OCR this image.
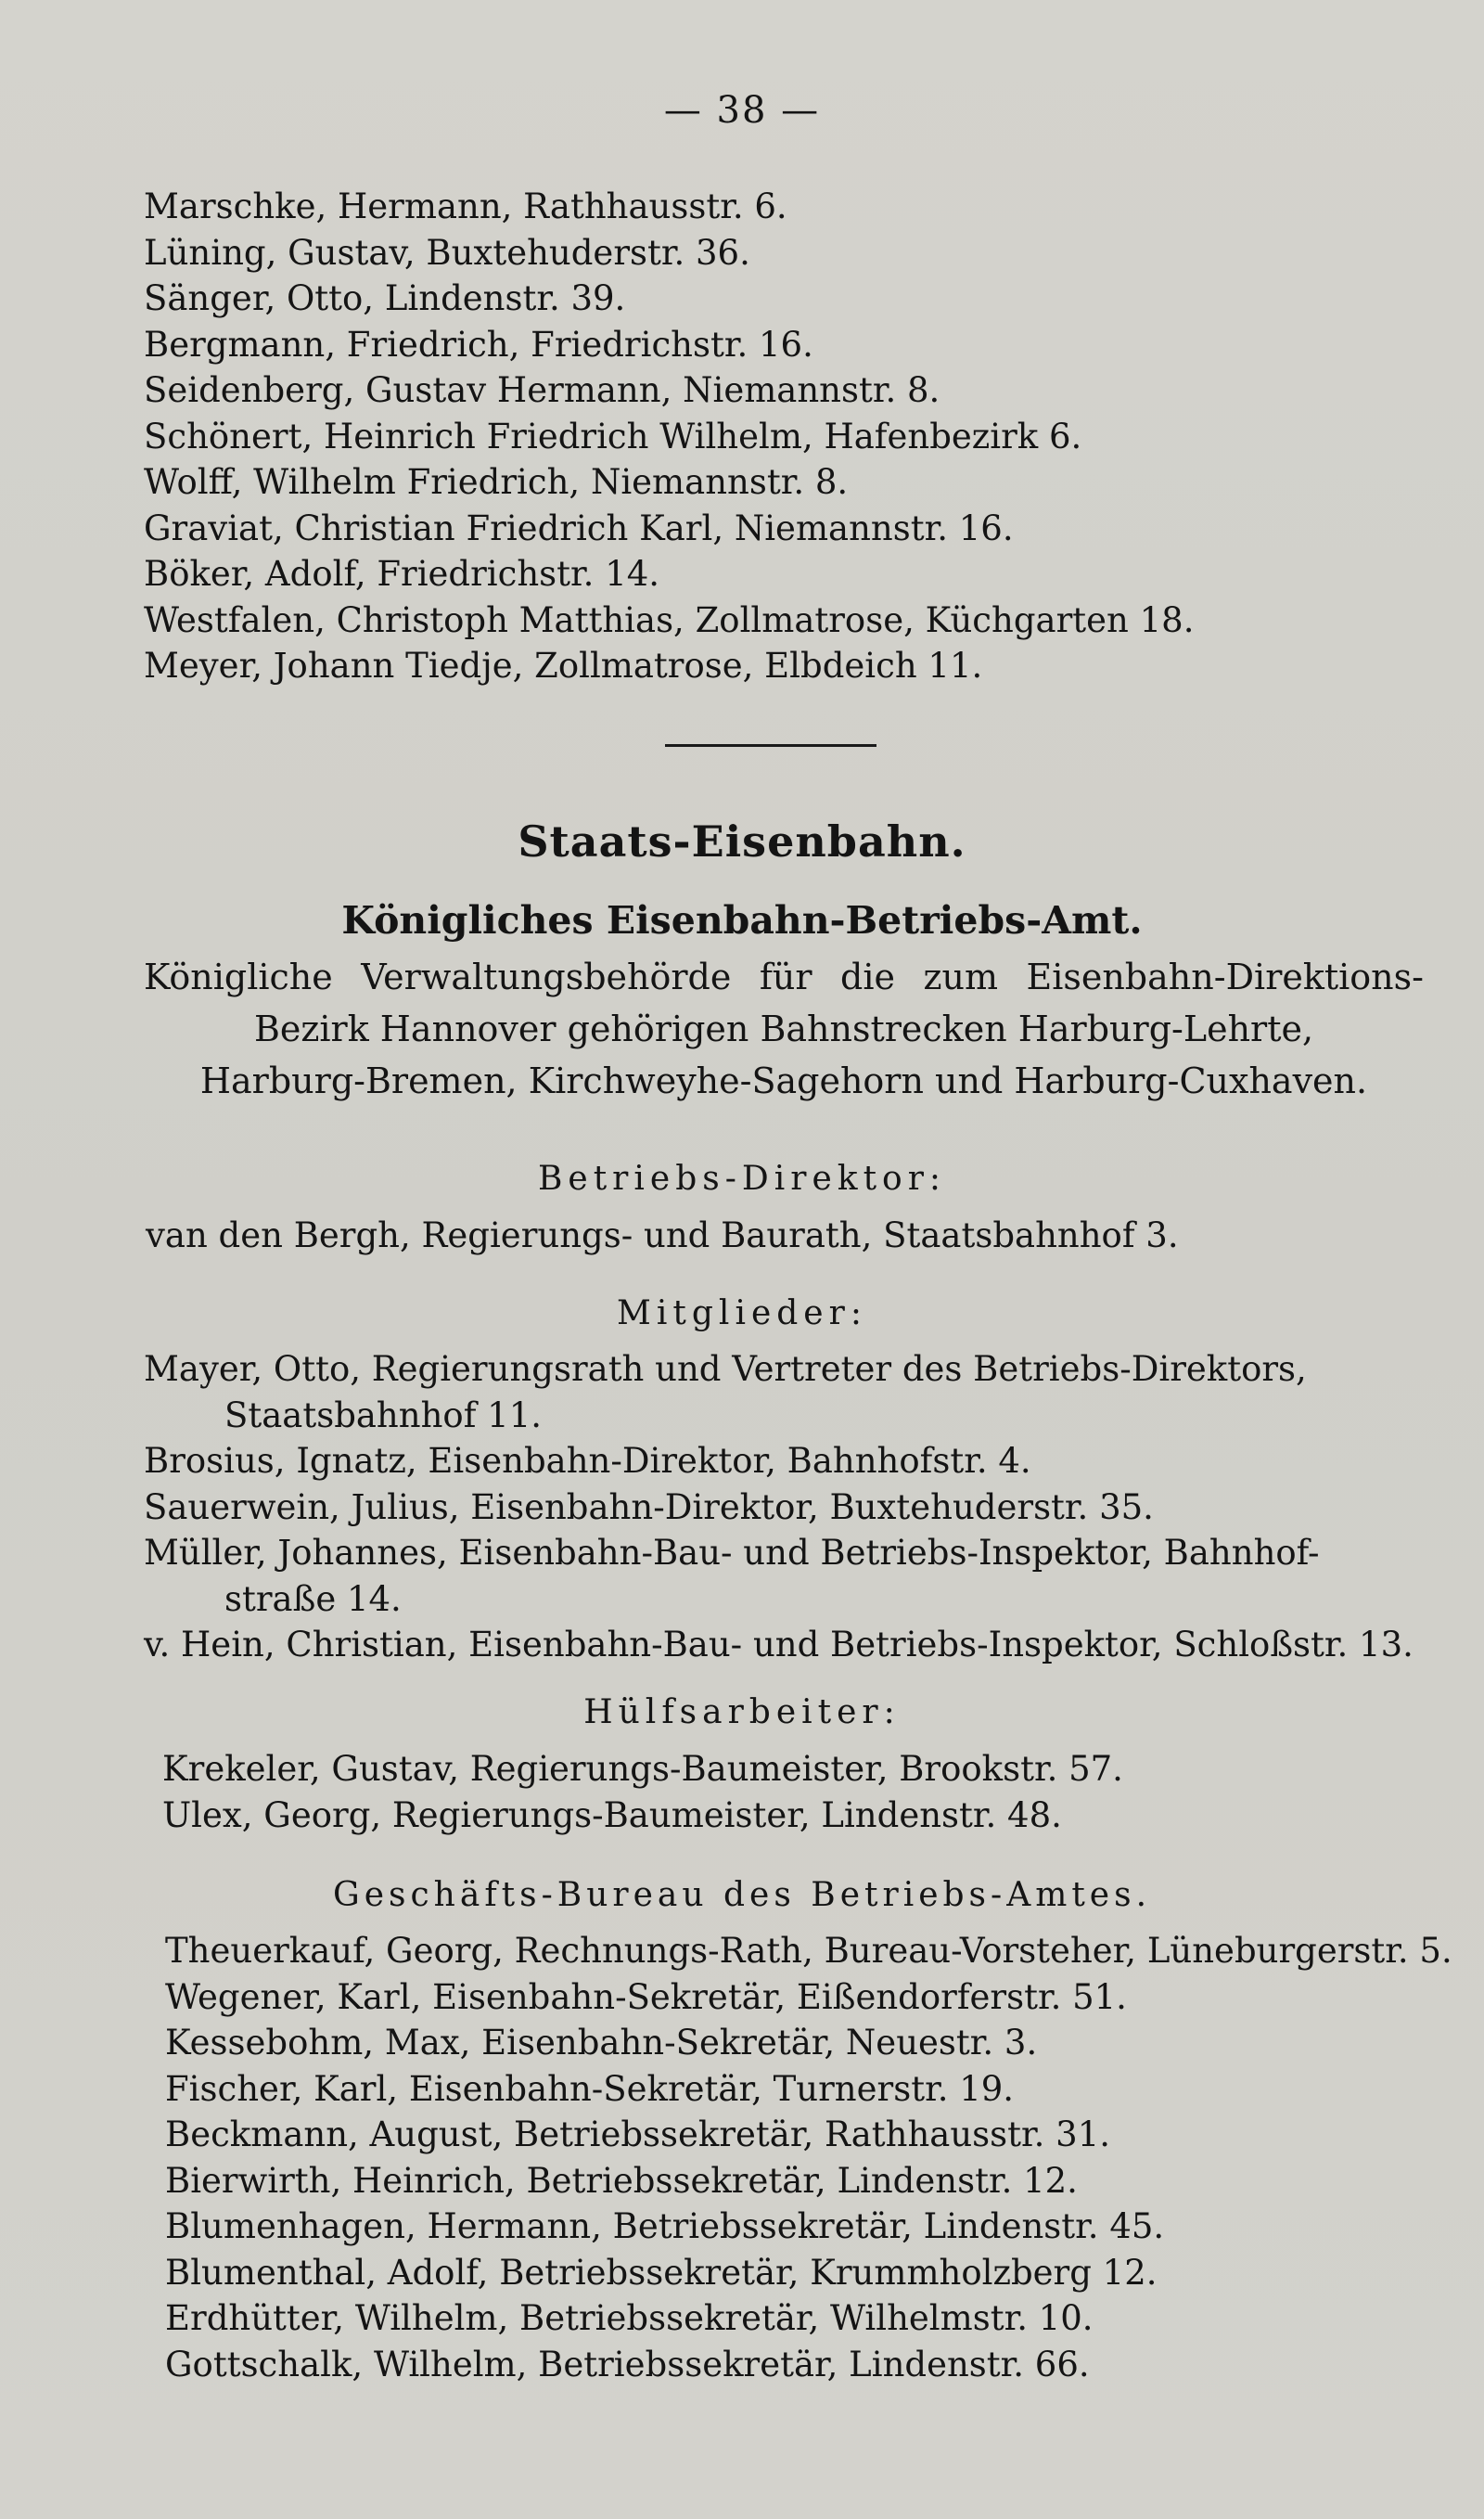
— 38 —
Marschke, Hermann, Rathhausstr. 6.
Lüning, Gustav, Buxtehuderstr. 36.
Sänger, Otto, Lindenstr. 39.
Bergmann, Friedrich, Friedrichstr. 16.
Seidenberg, Gustav Hermann, Niemannstr. 8.
Schönert, Heinrich Friedrich Wilhelm, Hafenbezirk 6.
Wolff, Wilhelm Friedrich, Niemannstr. 8.
Graviat, Christian Friedrich Karl, Niemannstr. 16.
Böker, Adolf, Friedrichstr. 14.
Westfalen, Christoph Matthias, Zollmatrose, Küchgarten 18.
Meyer, Johann Tiedje, Zollmatrose, Elbdeich 11.
Staats-Eisenbahn.
Königliches Eisenbahn-Betriebs-Amt.
Königliche Verwaltungsbehörde für die zum Eisenbahn-Direktions-
Bezirk Hannover gehörigen Bahnstrecken Harburg-Lehrte,
Harburg-Bremen, Kirchweyhe-Sagehorn und Harburg-Cuxhaven.
Betriebs-Direktor:
van den Bergh, Regierungs- und Baurath, Staatsbahnhof 3.
Mitglieder:
Mayer, Otto, Regierungsrath und Vertreter des Betriebs-Direktors,
Staatsbahnhof 11.
Brosius, Ignatz, Eisenbahn-Direktor, Bahnhofstr. 4.
Sauerwein, Julius, Eisenbahn-Direktor, Buxtehuderstr. 35.
Müller, Johannes, Eisenbahn-Bau- und Betriebs-Inspektor, Bahnhof-
straße 14.
v. Hein, Christian, Eisenbahn-Bau- und Betriebs-Inspektor, Schloßstr. 13.
Hülfsarbeiter:
Krekeler, Gustav, Regierungs-Baumeister, Brookstr. 57.
Ulex, Georg, Regierungs-Baumeister, Lindenstr. 48.
Geschäfts-Bureau des Betriebs-Amtes.
Theuerkauf, Georg, Rechnungs-Rath, Bureau-Vorsteher, Lüneburgerstr. 5.
Wegener, Karl, Eisenbahn-Sekretär, Eißendorferstr. 51.
Kessebohm, Max, Eisenbahn-Sekretär, Neuestr. 3.
Fischer, Karl, Eisenbahn-Sekretär, Turnerstr. 19.
Beckmann, August, Betriebssekretär, Rathhausstr. 31.
Bierwirth, Heinrich, Betriebssekretär, Lindenstr. 12.
Blumenhagen, Hermann, Betriebssekretär, Lindenstr. 45.
Blumenthal, Adolf, Betriebssekretär, Krummholzberg 12.
Erdhütter, Wilhelm, Betriebssekretär, Wilhelmstr. 10.
Gottschalk, Wilhelm, Betriebssekretär, Lindenstr. 66.
